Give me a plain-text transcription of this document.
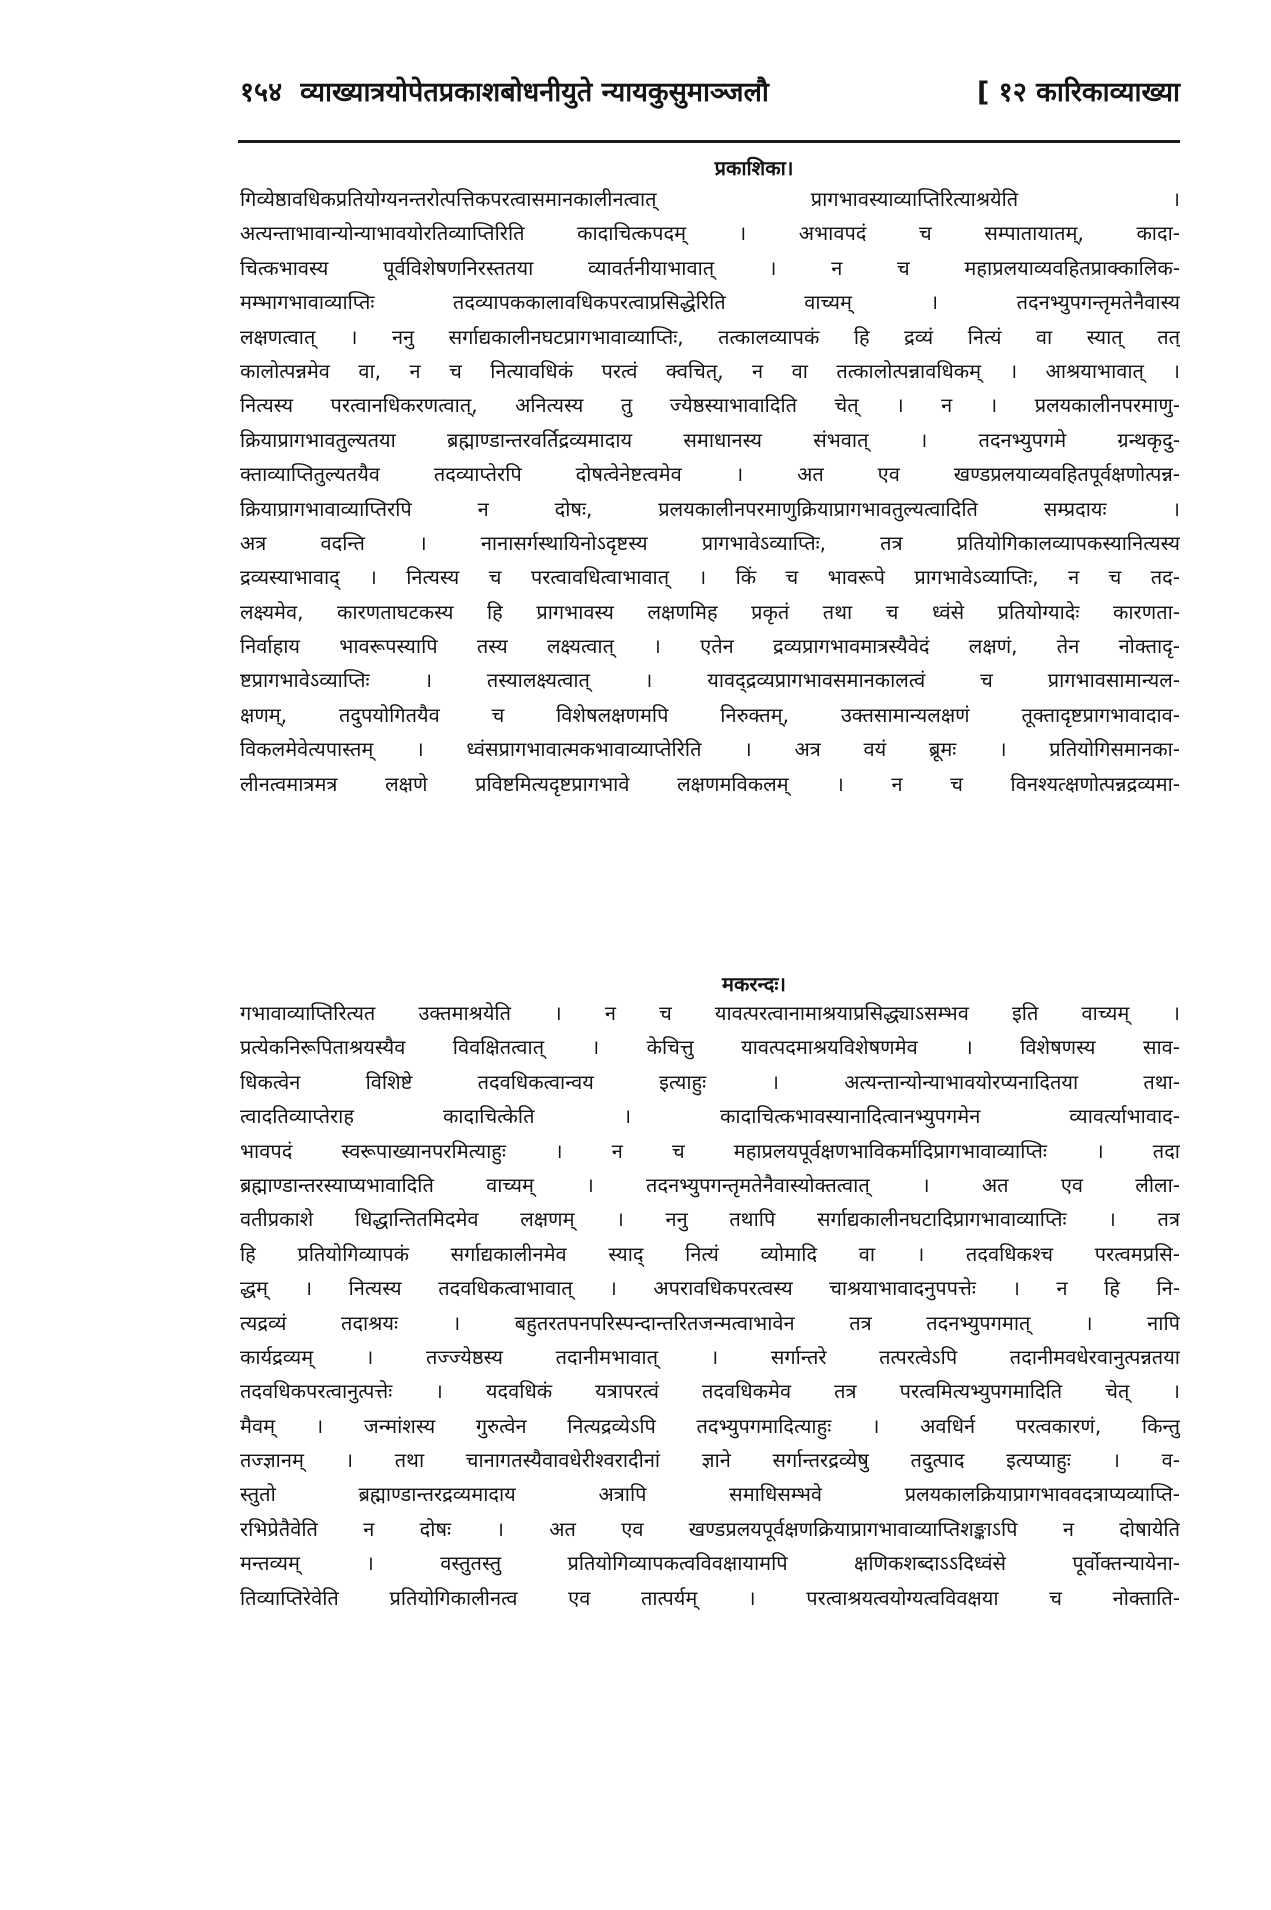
१५४ व्याख्यात्रयोपेतप्रकाशबोधनीयुते न्यायकुसुमाञ्जलौ	[ १२ कारिकाव्याख्या
प्रकाशिका।
गिव्येष्ठावधिकप्रतियोग्यनन्तरोत्पत्तिकपरत्वासमानकालीनत्वात् प्रागभावस्याव्याप्तिरित्याश्रयेति ।
अत्यन्ताभावान्योन्याभावयोरतिव्याप्तिरिति कादाचित्कपदम् । अभावपदं च सम्पातायातम्, कादा-
चित्कभावस्य पूर्वविशेषणनिरस्ततया व्यावर्तनीयाभावात् । न च महाप्रलयाव्यवहितप्राक्कालिक-
मम्भागभावाव्याप्तिः तदव्यापककालावधिकपरत्वाप्रसिद्धेरिति वाच्यम् । तदनभ्युपगन्तृमतेनैवास्य
लक्षणत्वात् । ननु सर्गाद्यकालीनघटप्रागभावाव्याप्तिः, तत्कालव्यापकं हि द्रव्यं नित्यं वा स्यात् तत्
कालोत्पन्नमेव वा, न च नित्यावधिकं परत्वं क्वचित्, न वा तत्कालोत्पन्नावधिकम् । आश्रयाभावात् ।
नित्यस्य परत्वानधिकरणत्वात्, अनित्यस्य तु ज्येष्ठस्याभावादिति चेत् । न । प्रलयकालीनपरमाणु-
क्रियाप्रागभावतुल्यतया ब्रह्माण्डान्तरवर्तिद्रव्यमादाय समाधानस्य संभवात् । तदनभ्युपगमे ग्रन्थकृदु-
क्ताव्याप्तितुल्यतयैव तदव्याप्तेरपि दोषत्वेनेष्टत्वमेव । अत एव खण्डप्रलयाव्यवहितपूर्वक्षणोत्पन्न-
क्रियाप्रागभावाव्याप्तिरपि न दोषः, प्रलयकालीनपरमाणुक्रियाप्रागभावतुल्यत्वादिति सम्प्रदायः ।
अत्र वदन्ति । नानासर्गस्थायिनोऽदृष्टस्य प्रागभावेऽव्याप्तिः, तत्र प्रतियोगिकालव्यापकस्यानित्यस्य
द्रव्यस्याभावाद् । नित्यस्य च परत्वावधित्वाभावात् । किं च भावरूपे प्रागभावेऽव्याप्तिः, न च तद-
लक्ष्यमेव, कारणताघटकस्य हि प्रागभावस्य लक्षणमिह प्रकृतं तथा च ध्वंसे प्रतियोग्यादेः कारणता-
निर्वाहाय भावरूपस्यापि तस्य लक्ष्यत्वात् । एतेन द्रव्यप्रागभावमात्रस्यैवेदं लक्षणं, तेन नोक्तादृ-
ष्टप्रागभावेऽव्याप्तिः । तस्यालक्ष्यत्वात् । यावद्द्रव्यप्रागभावसमानकालत्वं च प्रागभावसामान्यल-
क्षणम्, तदुपयोगितयैव च विशेषलक्षणमपि निरुक्तम्, उक्तसामान्यलक्षणं तूक्तादृष्टप्रागभावादाव-
विकलमेवेत्यपास्तम् । ध्वंसप्रागभावात्मकभावाव्याप्तेरिति । अत्र वयं ब्रूमः । प्रतियोगिसमानका-
लीनत्वमात्रमत्र लक्षणे प्रविष्टमित्यदृष्टप्रागभावे लक्षणमविकलम् । न च विनश्यत्क्षणोत्पन्नद्रव्यमा-
मकरन्दः।
गभावाव्याप्तिरित्यत उक्तमाश्रयेति । न च यावत्परत्वानामाश्रयाप्रसिद्ध्याऽसम्भव इति वाच्यम् ।
प्रत्येकनिरूपिताश्रयस्यैव विवक्षितत्वात् । केचित्तु यावत्पदमाश्रयविशेषणमेव । विशेषणस्य साव-
धिकत्वेन विशिष्टे तदवधिकत्वान्वय इत्याहुः । अत्यन्तान्योन्याभावयोरप्यनादितया तथा-
त्वादतिव्याप्तेराह कादाचित्केति । कादाचित्कभावस्यानादित्वानभ्युपगमेन व्यावर्त्याभावाद-
भावपदं स्वरूपाख्यानपरमित्याहुः । न च महाप्रलयपूर्वक्षणभाविकर्मादिप्रागभावाव्याप्तिः । तदा
ब्रह्माण्डान्तरस्याप्यभावादिति वाच्यम् । तदनभ्युपगन्तृमतेनैवास्योक्तत्वात् । अत एव लीला-
वतीप्रकाशे धिद्धान्तितमिदमेव लक्षणम् । ननु तथापि सर्गाद्यकालीनघटादिप्रागभावाव्याप्तिः । तत्र
हि प्रतियोगिव्यापकं सर्गाद्यकालीनमेव स्याद् नित्यं व्योमादि वा । तदवधिकश्च परत्वमप्रसि-
द्धम् । नित्यस्य तदवधिकत्वाभावात् । अपरावधिकपरत्वस्य चाश्रयाभावादनुपपत्तेः । न हि नि-
त्यद्रव्यं तदाश्रयः । बहुतरतपनपरिस्पन्दान्तरितजन्मत्वाभावेन तत्र तदनभ्युपगमात् । नापि
कार्यद्रव्यम् । तज्ज्येष्ठस्य तदानीमभावात् । सर्गान्तरे तत्परत्वेऽपि तदानीमवधेरवानुत्पन्नतया
तदवधिकपरत्वानुत्पत्तेः । यदवधिकं यत्रापरत्वं तदवधिकमेव तत्र परत्वमित्यभ्युपगमादिति चेत् ।
मैवम् । जन्मांशस्य गुरुत्वेन नित्यद्रव्येऽपि तदभ्युपगमादित्याहुः । अवधिर्न परत्वकारणं, किन्तु
तज्ज्ञानम् । तथा चानागतस्यैवावधेरीश्वरादीनां ज्ञाने सर्गान्तरद्रव्येषु तदुत्पाद इत्यप्याहुः । व-
स्तुतो ब्रह्माण्डान्तरद्रव्यमादाय अत्रापि समाधिसम्भवे प्रलयकालक्रियाप्रागभाववदत्राप्यव्याप्ति-
रभिप्रेतैवेति न दोषः । अत एव खण्डप्रलयपूर्वक्षणक्रियाप्रागभावाव्याप्तिशङ्काऽपि न दोषायेति
मन्तव्यम् । वस्तुतस्तु प्रतियोगिव्यापकत्वविवक्षायामपि क्षणिकशब्दाऽऽदिध्वंसे पूर्वोक्तन्यायेना-
तिव्याप्तिरेवेति प्रतियोगिकालीनत्व एव तात्पर्यम् । परत्वाश्रयत्वयोग्यत्वविवक्षया च नोक्ताति-
